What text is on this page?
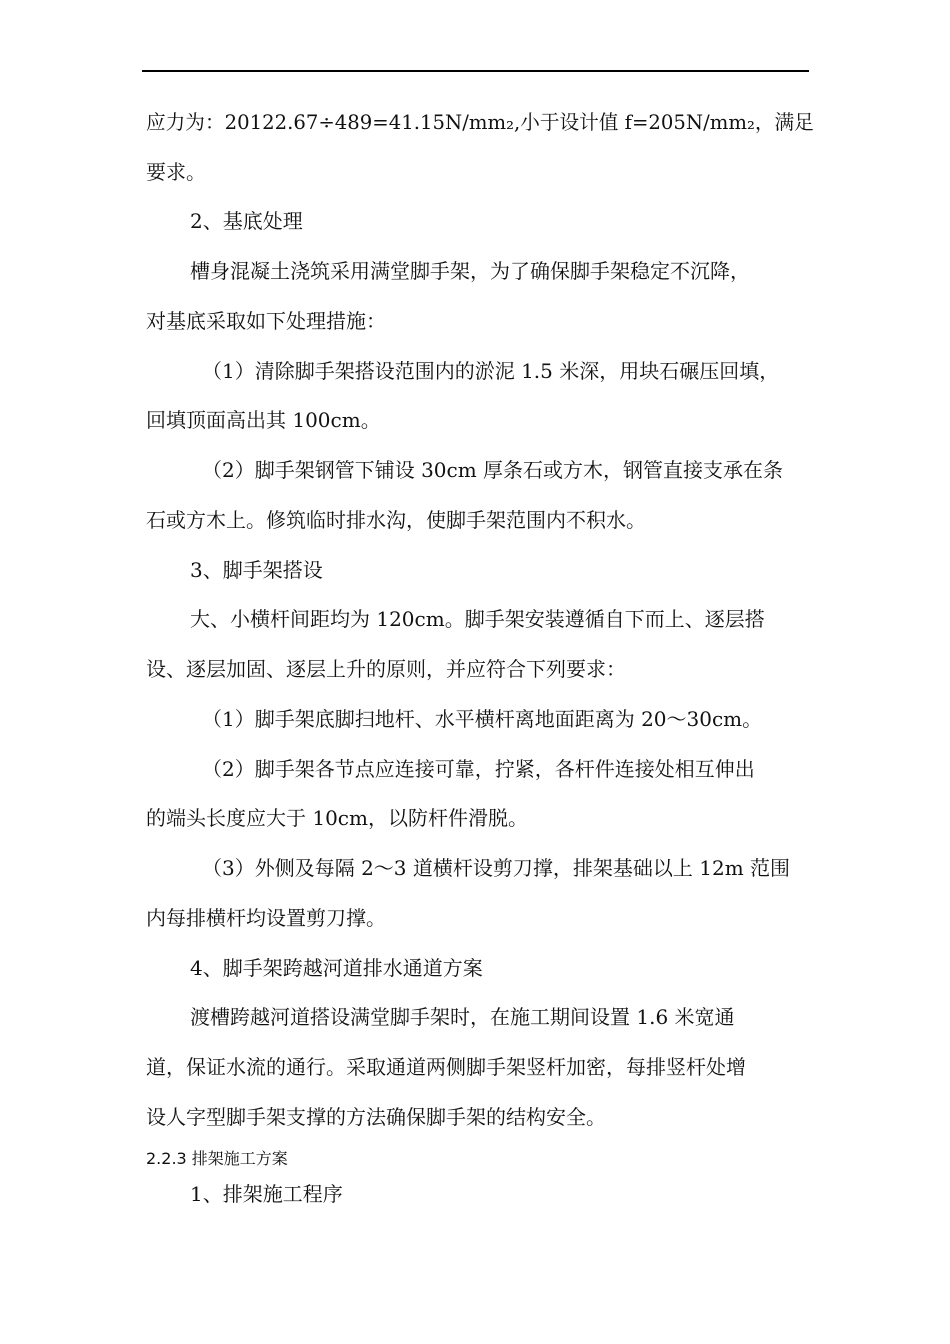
应力为：20122.67÷489=41.15N/mm₂,小于设计值 f=205N/mm₂，满足
要求。
2、基底处理
槽身混凝土浇筑采用满堂脚手架，为了确保脚手架稳定不沉降，
对基底采取如下处理措施：
（1）清除脚手架搭设范围内的淤泥 1.5 米深，用块石碾压回填，
回填顶面高出其 100cm。
（2）脚手架钢管下铺设 30cm 厚条石或方木，钢管直接支承在条
石或方木上。修筑临时排水沟，使脚手架范围内不积水。
3、脚手架搭设
大、小横杆间距均为 120cm。脚手架安装遵循自下而上、逐层搭
设、逐层加固、逐层上升的原则，并应符合下列要求：
（1）脚手架底脚扫地杆、水平横杆离地面距离为 20～30cm。
（2）脚手架各节点应连接可靠，拧紧，各杆件连接处相互伸出
的端头长度应大于 10cm，以防杆件滑脱。
（3）外侧及每隔 2～3 道横杆设剪刀撑，排架基础以上 12m 范围
内每排横杆均设置剪刀撑。
4、脚手架跨越河道排水通道方案
渡槽跨越河道搭设满堂脚手架时，在施工期间设置 1.6 米宽通
道，保证水流的通行。采取通道两侧脚手架竖杆加密，每排竖杆处增
设人字型脚手架支撑的方法确保脚手架的结构安全。
2.2.3 排架施工方案
1、排架施工程序
